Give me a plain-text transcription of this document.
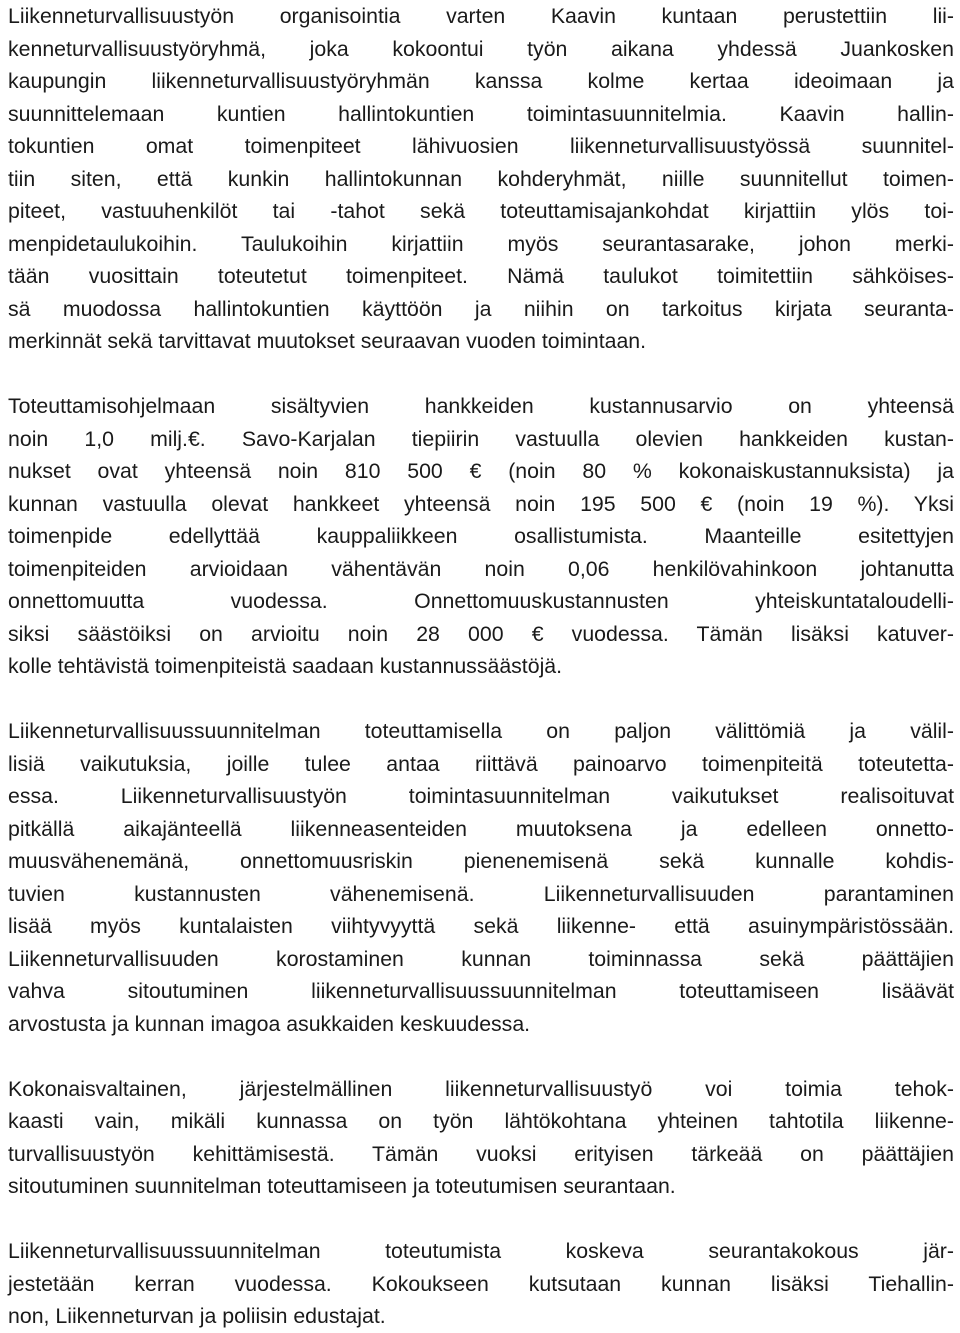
Liikenneturvallisuustyön organisointia varten Kaavin kuntaan perustettiin lii-
kenneturvallisuustyöryhmä, joka kokoontui työn aikana yhdessä Juankosken
kaupungin liikenneturvallisuustyöryhmän kanssa kolme kertaa ideoimaan ja
suunnittelemaan kuntien hallintokuntien toimintasuunnitelmia. Kaavin hallin-
tokuntien omat toimenpiteet lähivuosien liikenneturvallisuustyössä suunnitel-
tiin siten, että kunkin hallintokunnan kohderyhmät, niille suunnitellut toimen-
piteet, vastuuhenkilöt tai -tahot sekä toteuttamisajankohdat kirjattiin ylös toi-
menpidetaulukoihin. Taulukoihin kirjattiin myös seurantasarake, johon merki-
tään vuosittain toteutetut toimenpiteet. Nämä taulukot toimitettiin sähköises-
sä muodossa hallintokuntien käyttöön ja niihin on tarkoitus kirjata seuranta-
merkinnät sekä tarvittavat muutokset seuraavan vuoden toimintaan.

Toteuttamisohjelmaan sisältyvien hankkeiden kustannusarvio on yhteensä
noin 1,0 milj.€. Savo-Karjalan tiepiirin vastuulla olevien hankkeiden kustan-
nukset ovat yhteensä noin 810 500 € (noin 80 % kokonaiskustannuksista) ja
kunnan vastuulla olevat hankkeet yhteensä noin 195 500 € (noin 19 %). Yksi
toimenpide edellyttää kauppaliikkeen osallistumista. Maanteille esitettyjen
toimenpiteiden arvioidaan vähentävän noin 0,06 henkilövahinkoon johtanutta
onnettomuutta vuodessa. Onnettomuuskustannusten yhteiskuntataloudelli-
siksi säästöiksi on arvioitu noin 28 000 € vuodessa. Tämän lisäksi katuver-
kolle tehtävistä toimenpiteistä saadaan kustannussäästöjä.

Liikenneturvallisuussuunnitelman toteuttamisella on paljon välittömiä ja välil-
lisiä vaikutuksia, joille tulee antaa riittävä painoarvo toimenpiteitä toteutetta-
essa. Liikenneturvallisuustyön toimintasuunnitelman vaikutukset realisoituvat
pitkällä aikajänteellä liikenneasenteiden muutoksena ja edelleen onnetto-
muusvähenemänä, onnettomuusriskin pienenemisenä sekä kunnalle kohdis-
tuvien kustannusten vähenemisenä. Liikenneturvallisuuden parantaminen
lisää myös kuntalaisten viihtyvyyttä sekä liikenne- että asuinympäristössään.
Liikenneturvallisuuden korostaminen kunnan toiminnassa sekä päättäjien
vahva sitoutuminen liikenneturvallisuussuunnitelman toteuttamiseen lisäävät
arvostusta ja kunnan imagoa asukkaiden keskuudessa.

Kokonaisvaltainen, järjestelmällinen liikenneturvallisuustyö voi toimia tehok-
kaasti vain, mikäli kunnassa on työn lähtökohtana yhteinen tahtotila liikenne-
turvallisuustyön kehittämisestä. Tämän vuoksi erityisen tärkeää on päättäjien
sitoutuminen suunnitelman toteuttamiseen ja toteutumisen seurantaan.

Liikenneturvallisuussuunnitelman toteutumista koskeva seurantakokous jär-
jestetään kerran vuodessa. Kokoukseen kutsutaan kunnan lisäksi Tiehallin-
non, Liikenneturvan ja poliisin edustajat.
